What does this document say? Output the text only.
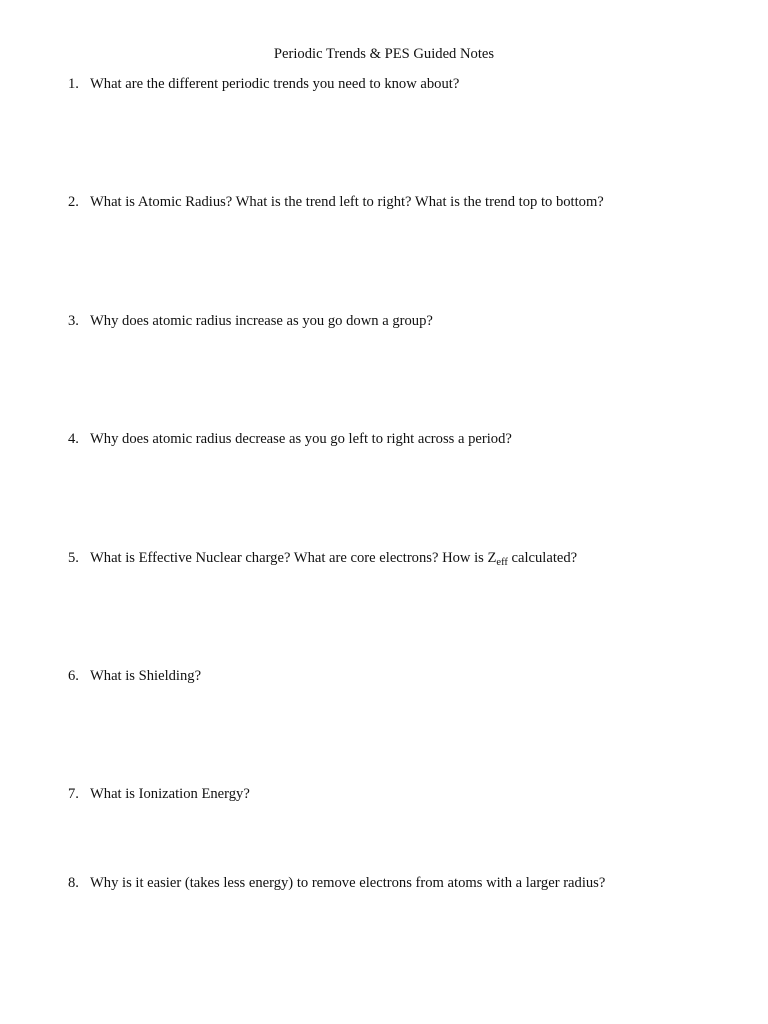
Periodic Trends & PES Guided Notes
1. What are the different periodic trends you need to know about?
2. What is Atomic Radius? What is the trend left to right? What is the trend top to bottom?
3. Why does atomic radius increase as you go down a group?
4. Why does atomic radius decrease as you go left to right across a period?
5. What is Effective Nuclear charge? What are core electrons? How is $Z_{eff}$ calculated?
6. What is Shielding?
7. What is Ionization Energy?
8. Why is it easier (takes less energy) to remove electrons from atoms with a larger radius?
